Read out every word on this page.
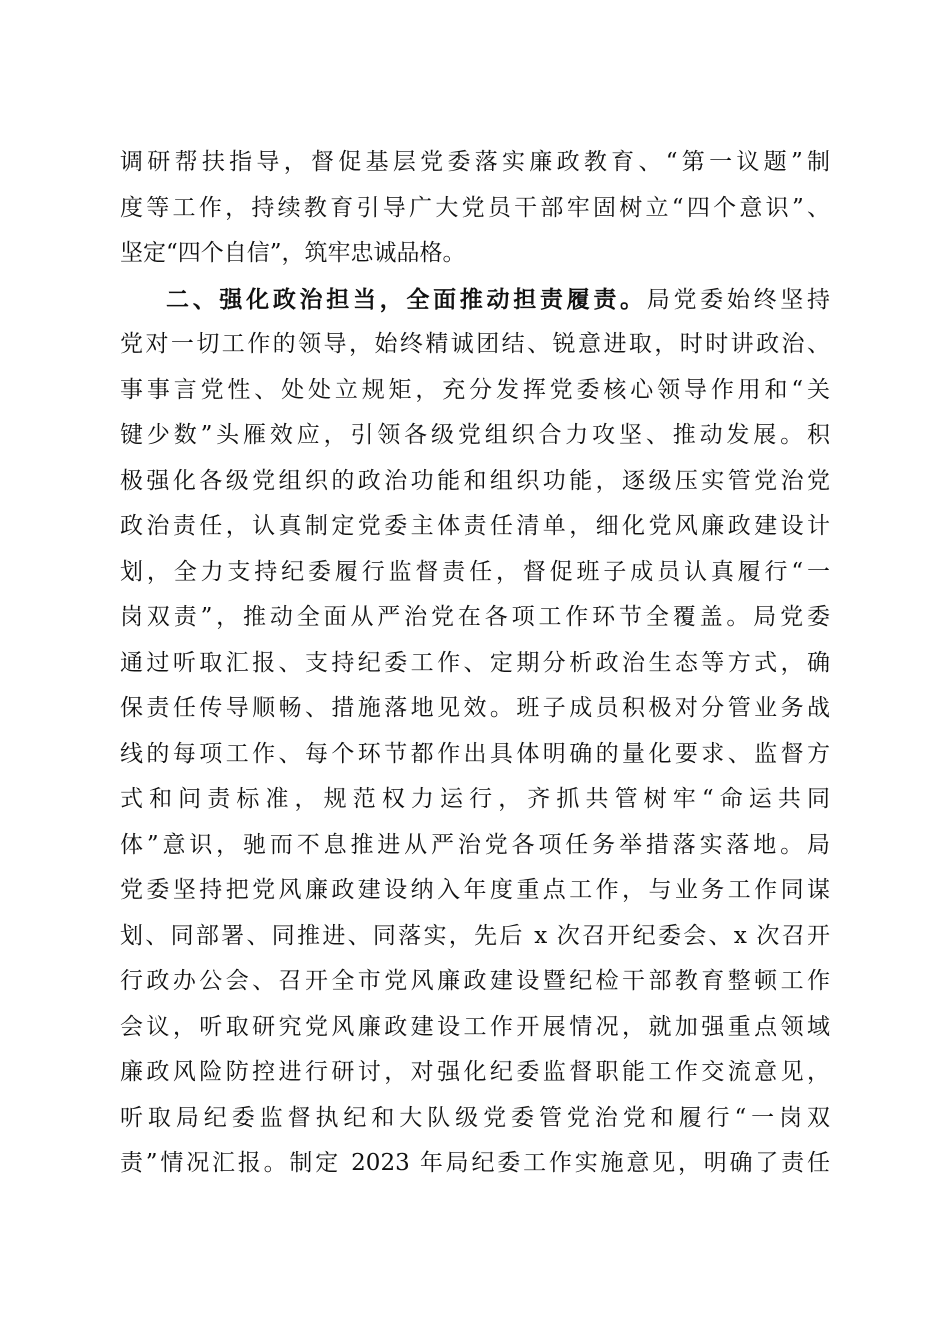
调研帮扶指导，督促基层党委落实廉政教育、“第一议题”制
度等工作，持续教育引导广大党员干部牢固树立“四个意识”、
坚定“四个自信”，筑牢忠诚品格。
二、强化政治担当，全面推动担责履责。局党委始终坚持
党对一切工作的领导，始终精诚团结、锐意进取，时时讲政治、
事事言党性、处处立规矩，充分发挥党委核心领导作用和“关
键少数”头雁效应，引领各级党组织合力攻坚、推动发展。积
极强化各级党组织的政治功能和组织功能，逐级压实管党治党
政治责任，认真制定党委主体责任清单，细化党风廉政建设计
划，全力支持纪委履行监督责任，督促班子成员认真履行“一
岗双责”，推动全面从严治党在各项工作环节全覆盖。局党委
通过听取汇报、支持纪委工作、定期分析政治生态等方式，确
保责任传导顺畅、措施落地见效。班子成员积极对分管业务战
线的每项工作、每个环节都作出具体明确的量化要求、监督方
式和问责标准，规范权力运行，齐抓共管树牢“命运共同
体”意识，驰而不息推进从严治党各项任务举措落实落地。局
党委坚持把党风廉政建设纳入年度重点工作，与业务工作同谋
划、同部署、同推进、同落实，先后 x 次召开纪委会、x 次召开
行政办公会、召开全市党风廉政建设暨纪检干部教育整顿工作
会议，听取研究党风廉政建设工作开展情况，就加强重点领域
廉政风险防控进行研讨，对强化纪委监督职能工作交流意见，
听取局纪委监督执纪和大队级党委管党治党和履行“一岗双
责”情况汇报。制定 2023 年局纪委工作实施意见，明确了责任
